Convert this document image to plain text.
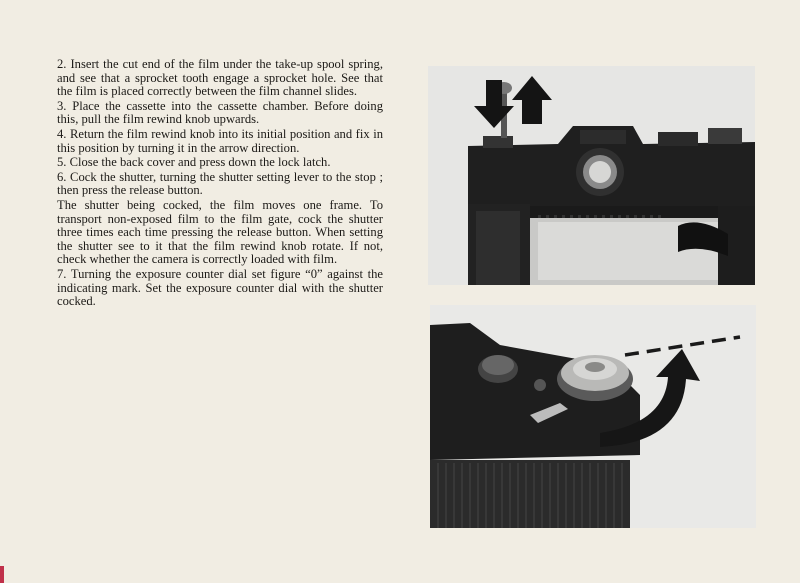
2. Insert the cut end of the film under the take-up spool spring, and see that a sprocket tooth engage a sprocket hole. See that the film is placed correctly between the film channel slides.

3. Place the cassette into the cassette chamber. Before doing this, pull the film rewind knob upwards.

4. Return the film rewind knob into its initial position and fix in this position by turning it in the arrow direction.

5. Close the back cover and press down the lock latch.

6. Cock the shutter, turning the shutter setting lever to the stop ; then press the release button.

The shutter being cocked, the film moves one frame. To transport non-exposed film to the film gate, cock the shutter three times each time pressing the release button. When setting the shutter see to it that the film rewind knob rotate. If not, check whether the camera is correctly loaded with film.

7. Turning the exposure counter dial set figure “0” against the indicating mark. Set the exposure counter dial with the shutter cocked.
